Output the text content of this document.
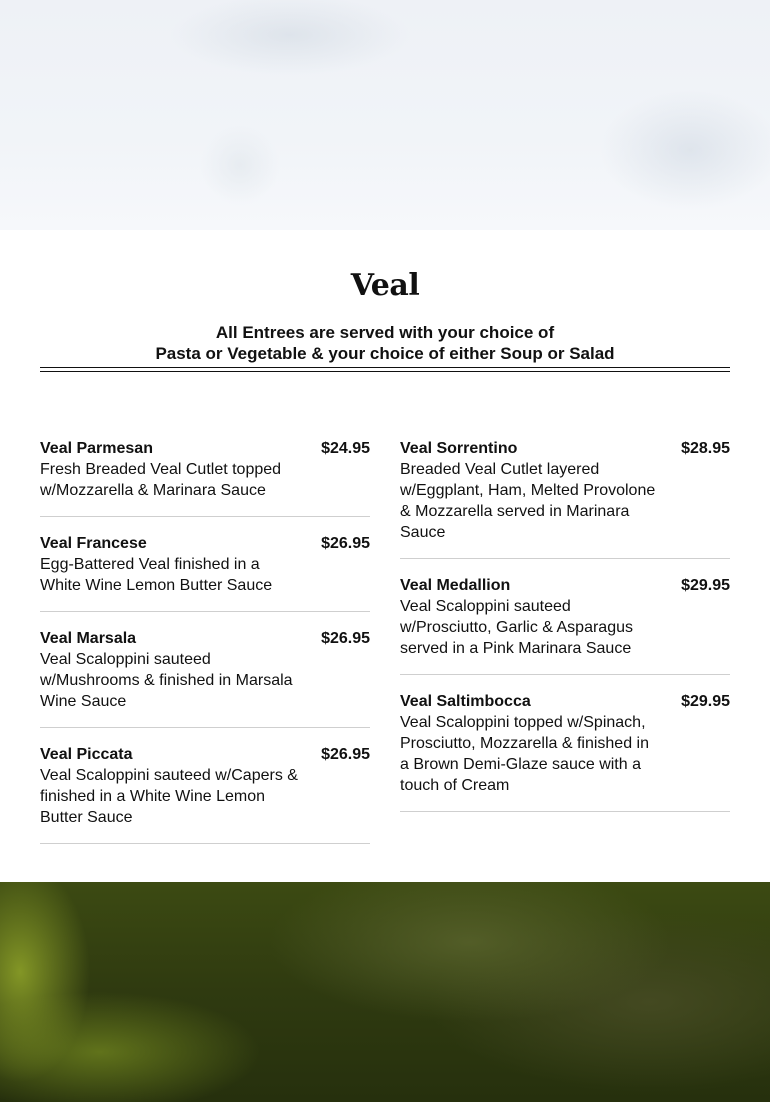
Veal
All Entrees are served with your choice of
Pasta or Vegetable & your choice of either Soup or Salad
Veal Parmesan
Fresh Breaded Veal Cutlet topped w/Mozzarella & Marinara Sauce
$24.95
Veal Francese
Egg-Battered Veal finished in a White Wine Lemon Butter Sauce
$26.95
Veal Marsala
Veal Scaloppini sauteed w/Mushrooms & finished in Marsala Wine Sauce
$26.95
Veal Piccata
Veal Scaloppini sauteed w/Capers & finished in a White Wine Lemon Butter Sauce
$26.95
Veal Sorrentino
Breaded Veal Cutlet layered w/Eggplant, Ham, Melted Provolone & Mozzarella served in Marinara Sauce
$28.95
Veal Medallion
Veal Scaloppini sauteed w/Prosciutto, Garlic & Asparagus served in a Pink Marinara Sauce
$29.95
Veal Saltimbocca
Veal Scaloppini topped w/Spinach, Prosciutto, Mozzarella & finished in a Brown Demi-Glaze sauce with a touch of Cream
$29.95
